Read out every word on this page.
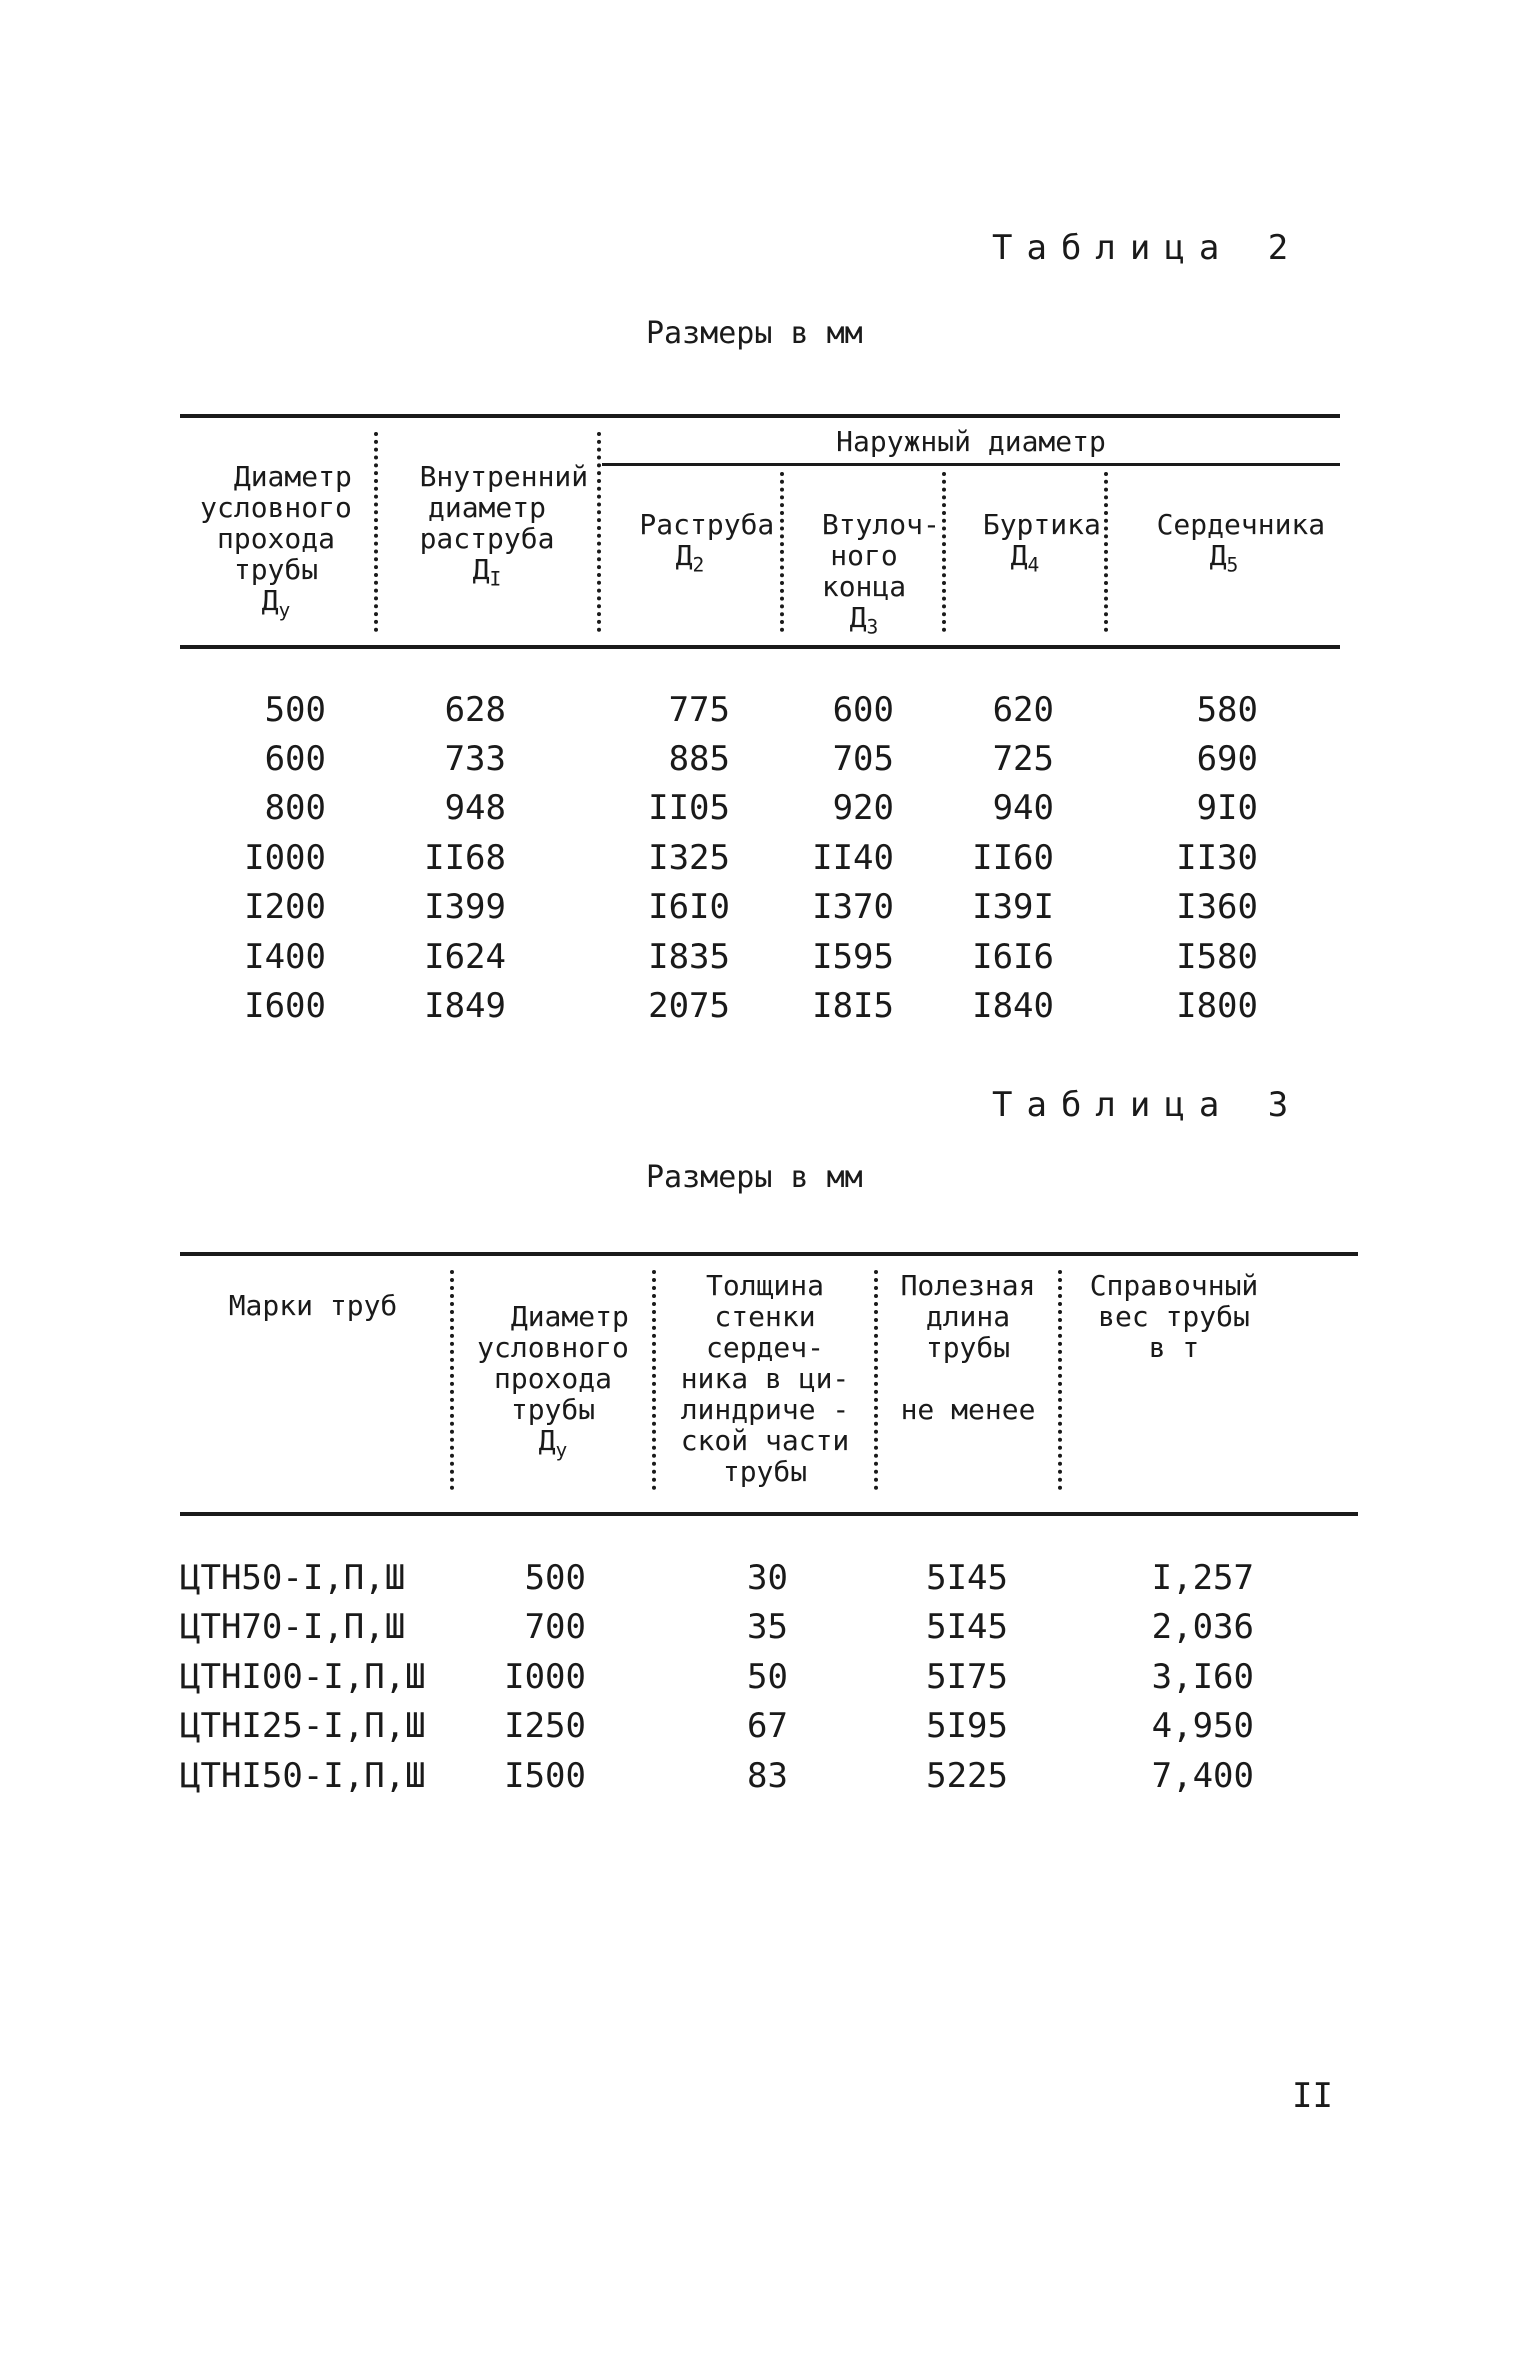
Таблица 2
Размеры в мм

Диаметр
условного
прохода
трубы
$Д_у$

Внутренний
диаметр
раструба
$Д_I$

Наружный диаметр

Раструба
$Д_2$

Втулоч-
ного
конца
$Д_3$

Буртика
$Д_4$

Сердечника
$Д_5$

500	628	775	600	620	580
600	733	885	705	725	690
800	948	II05	920	940	9I0
I000	II68	I325	II40	II60	II30
I200	I399	I6I0	I370	I39I	I360
I400	I624	I835	I595	I6I6	I580
I600	I849	2075	I8I5	I840	I800
Таблица 3
Размеры в мм
Марки труб	Диаметр
условного
прохода
трубы
$Д_у$

Толщина
стенки
сердеч-
ника в ци-
линдриче -
ской части
трубы
Полезная
длина
трубы

не менее
Справочный
вес трубы
в т
ЦТН50-I,П,Ш	500	30	5I45	I,257
ЦТН70-I,П,Ш	700	35	5I45	2,036
ЦТНI00-I,П,Ш	I000	50	5I75	3,I60
ЦТНI25-I,П,Ш	I250	67	5I95	4,950
ЦТНI50-I,П,Ш	I500	83	5225	7,400
II
